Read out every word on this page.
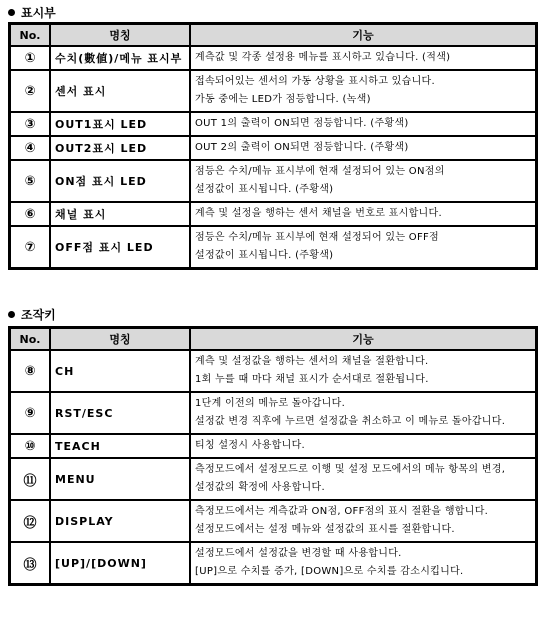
표시부
No.	명칭	기능
①	수치(數値)/메뉴 표시부	계측값 및 각종 설정용 메뉴를 표시하고 있습니다. (적색)

②	센서 표시	접속되어있는 센서의 가동 상황을 표시하고 있습니다.
가동 중에는 LED가 점등합니다. (녹색)

③	OUT1표시 LED	OUT 1의 출력이 ON되면 점등합니다. (주황색)

④	OUT2표시 LED	OUT 2의 출력이 ON되면 점등합니다. (주황색)

⑤	ON점 표시 LED	점등은 수치/메뉴 표시부에 현재 설정되어 있는 ON점의
설정값이 표시됩니다. (주황색)

⑥	채널 표시	계측 및 설정을 행하는 센서 채널을 번호로 표시합니다.

⑦	OFF점 표시 LED	점등은 수치/메뉴 표시부에 현재 설정되어 있는 OFF점
설정값이 표시됩니다. (주황색)
조작키
No.	명칭	기능
⑧	CH	계측 및 설정값을 행하는 센서의 채널을 절환합니다.
1회 누를 때 마다 채널 표시가 순서대로 절환됩니다.

⑨	RST/ESC	1단계 이전의 메뉴로 돌아갑니다.
설정값 변경 직후에 누르면 설정값을 취소하고 이 메뉴로 돌아갑니다.

⑩	TEACH	티칭 설정시 사용합니다.

⑪	MENU	측정모드에서 설정모드로 이행 및 설정 모드에서의 메뉴 항목의 변경,
설정값의 확정에 사용합니다.

⑫	DISPLAY	측정모드에서는 계측값과 ON점, OFF점의 표시 절환을 행합니다.
설정모드에서는 설정 메뉴와 설정값의 표시를 절환합니다.

⑬	[UP]/[DOWN]	설정모드에서 설정값을 변경할 때 사용합니다.
[UP]으로 수치를 증가, [DOWN]으로 수치를 감소시킵니다.
